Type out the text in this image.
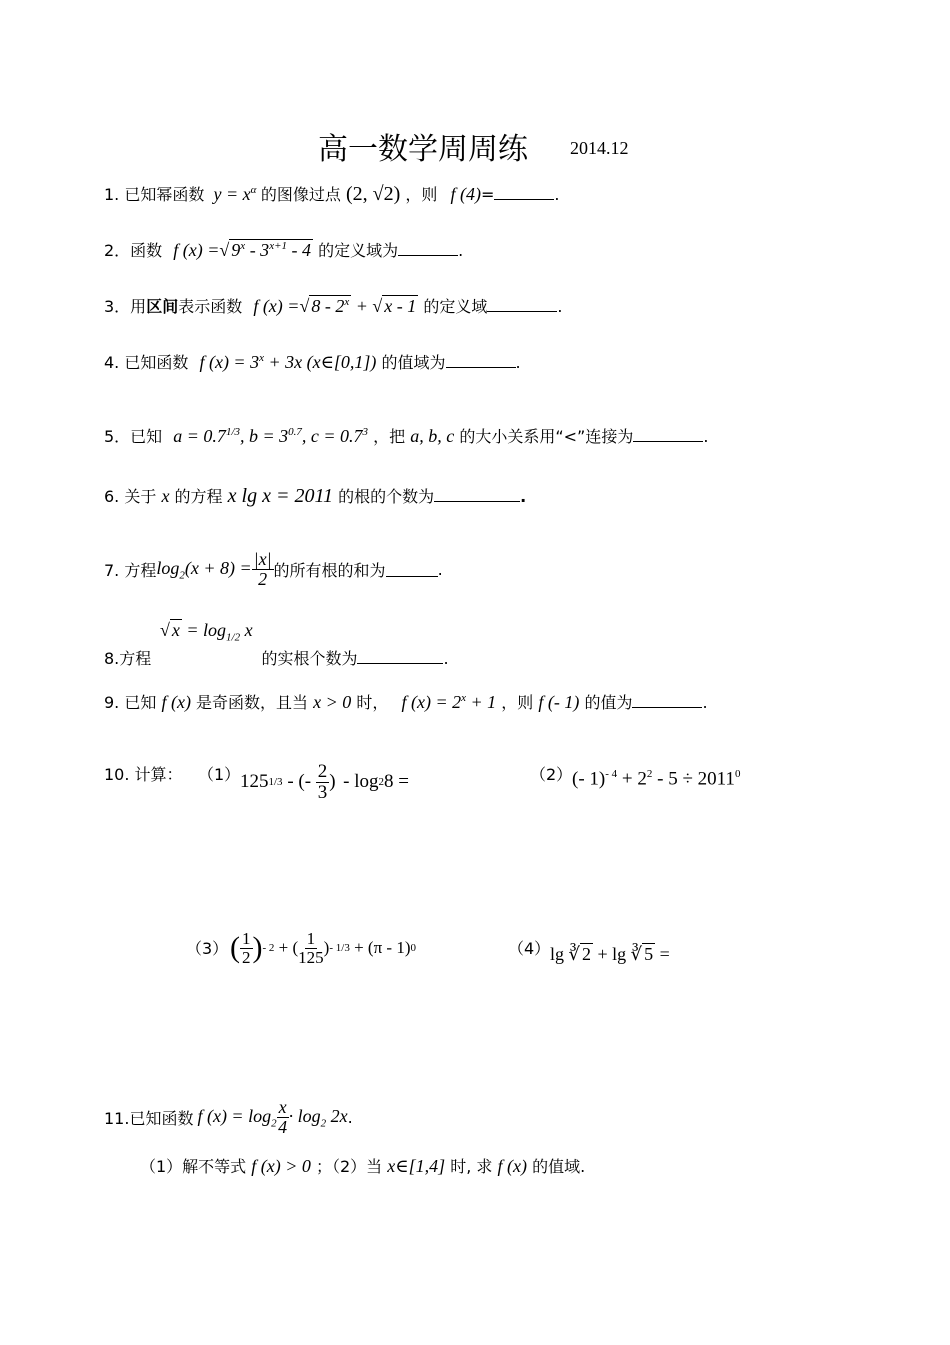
高一数学周周练 2014.12
1. 已知幂函数 $y = x^\alpha$ 的图像过点 (2, √2) ，则 f (4)=	.
2．函数 f (x) =√ $9^x - 3^{x+1} - 4$ 的定义域为	.
3．用区间表示函数 f (x) =√ $8 - 2^x$ + √ x - 1 的定义域	.
4. 已知函数 f $(x) = 3^x + 3x$ (x∈[0,1]) 的值域为	.
5．已知 $a = 0.7^{1/3}$, $b = 3^{0.7}$, $c = 0.7^3$ ，把 a, b, c 的大小关系用“<”连接为	.
6. 关于 x 的方程 x lg x = 2011 的根的个数为	.
7. 方程 $\log_2(x + 8) = \frac{|x|}{2}$ 的所有根的和为	.
√ $x = \log_{1/2} x$
8.方程	的实根个数为	.
9. 已知 f (x) 是奇函数，且当 x > 0 时， f $(x) = 2^x + 1$ ，则 f (- 1) 的值为	.
10. 计算： （1） 125 1/3 - (- $\frac{2}{3}$ )

- log 2 8 =	（2） (- $1)^{- 4} + 2^2 - 5 \div 2011^0$
（3） ( $\frac{1}{2}$ ) - 2 + ( $\frac{1}{125}$ ) - 1/3 + (π - 1) 0	（4） lg ∛ 2 + lg ∛ 5 =
11.已知函数 f $(x) = \log_2 \frac{x}{4} \cdot \log_2 2x$ .
（1）解不等式 f (x) > 0 ；（2）当 x∈[1,4] 时, 求 f (x) 的值域.
